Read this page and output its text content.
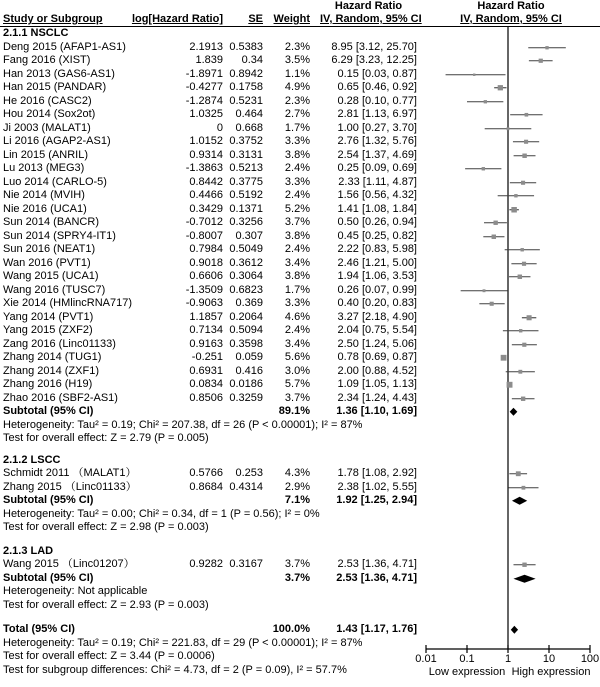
Hazard Ratio	Hazard Ratio
Study or Subgroup	log[Hazard Ratio]	SE Weight IV, Random, 95% CI	IV, Random, 95% CI
2.1.1 NSCLC
Deng 2015 (AFAP1-AS1)	2.1913 0.5383	2.3%	8.95 [3.12, 25.70]
Fang 2016 (XIST)	1.839	0.34	3.5%	6.29 [3.23, 12.25]
Han 2013 (GAS6-AS1)	-1.8971 0.8942	1.1%	0.15 [0.03, 0.87]
Han 2015 (PANDAR)	-0.4277 0.1758	4.9%	0.65 [0.46, 0.92]
He 2016 (CASC2)	-1.2874 0.5231	2.3%	0.28 [0.10, 0.77]
Hou 2014 (Sox2ot)	1.0325	0.464	2.7%	2.81 [1.13, 6.97]
Ji 2003 (MALAT1)	0	0.668	1.7%	1.00 [0.27, 3.70]
Li 2016 (AGAP2-AS1)	1.0152 0.3752	3.3%	2.76 [1.32, 5.76]
Lin 2015 (ANRIL)	0.9314 0.3131	3.8%	2.54 [1.37, 4.69]
Lu 2013 (MEG3)	-1.3863 0.5213	2.4%	0.25 [0.09, 0.69]
Luo 2014 (CARLO-5)	0.8442 0.3775	3.3%	2.33 [1.11, 4.87]
Nie 2014 (MVIH)	0.4466 0.5192	2.4%	1.56 [0.56, 4.32]
Nie 2016 (UCA1)	0.3429 0.1371	5.2%	1.41 [1.08, 1.84]
Sun 2014 (BANCR)	-0.7012 0.3256	3.7%	0.50 [0.26, 0.94]
Sun 2014 (SPRY4-IT1)	-0.8007	0.307	3.8%	0.45 [0.25, 0.82]
Sun 2016 (NEAT1)	0.7984 0.5049	2.4%	2.22 [0.83, 5.98]
Wan 2016 (PVT1)	0.9018 0.3612	3.4%	2.46 [1.21, 5.00]
Wang 2015 (UCA1)	0.6606 0.3064	3.8%	1.94 [1.06, 3.53]
Wang 2016 (TUSC7)	-1.3509 0.6823	1.7%	0.26 [0.07, 0.99]
Xie 2014 (HMlincRNA717)	-0.9063	0.369	3.3%	0.40 [0.20, 0.83]
Yang 2014 (PVT1)	1.1857 0.2064	4.6%	3.27 [2.18, 4.90]
Yang 2015 (ZXF2)	0.7134 0.5094	2.4%	2.04 [0.75, 5.54]
Zang 2016 (Linc01133)	0.9163 0.3598	3.4%	2.50 [1.24, 5.06]
Zhang 2014 (TUG1)	-0.251	0.059	5.6%	0.78 [0.69, 0.87]
Zhang 2014 (ZXF1)	0.6931	0.416	3.0%	2.00 [0.88, 4.52]
Zhang 2016 (H19)	0.0834 0.0186	5.7%	1.09 [1.05, 1.13]
Zhao 2016 (SBF2-AS1)	0.8506 0.3259	3.7%	2.34 [1.24, 4.43]
Subtotal (95% CI)	89.1%	1.36 [1.10, 1.69]
Heterogeneity: Tau² = 0.19; Chi² = 207.38, df = 26 (P < 0.00001); I² = 87%
Test for overall effect: Z = 2.79 (P = 0.005)
2.1.2 LSCC
Schmidt 2011 （MALAT1）	0.5766	0.253	4.3%	1.78 [1.08, 2.92]
Zhang 2015 （Linc01133）	0.8684 0.4314	2.9%	2.38 [1.02, 5.55]
Subtotal (95% CI)	7.1%	1.92 [1.25, 2.94]
Heterogeneity: Tau² = 0.00; Chi² = 0.34, df = 1 (P = 0.56); I² = 0%
Test for overall effect: Z = 2.98 (P = 0.003)
2.1.3 LAD
Wang 2015 （Linc01207）	0.9282 0.3167	3.7%	2.53 [1.36, 4.71]
Subtotal (95% CI)	3.7%	2.53 [1.36, 4.71]
Heterogeneity: Not applicable
Test for overall effect: Z = 2.93 (P = 0.003)
Total (95% CI)	100.0%	1.43 [1.17, 1.76]
Heterogeneity: Tau² = 0.19; Chi² = 221.83, df = 29 (P < 0.00001); I² = 87%
Test for overall effect: Z = 3.44 (P = 0.0006)
Test for subgroup differences: Chi² = 4.73, df = 2 (P = 0.09), I² = 57.7%	Low expression High expression
0.01	0.1	1	10	100
